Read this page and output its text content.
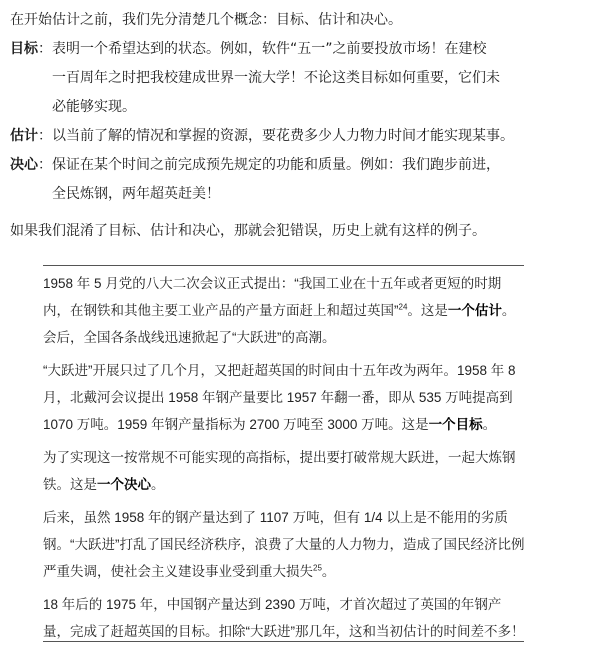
在开始估计之前，我们先分清楚几个概念：目标、估计和决心。

目标 ： 表明一个希望达到的状态。例如，软件“五一”之前要投放市场！在建校
一百周年之时把我校建成世界一流大学！不论这类目标如何重要，它们未
必能够实现。
估计 ： 以当前了解的情况和掌握的资源，要花费多少人力物力时间才能实现某事。
决心 ： 保证在某个时间之前完成预先规定的功能和质量。例如：我们跑步前进，
全民炼钢，两年超英赶美！

如果我们混淆了目标、估计和决心，那就会犯错误，历史上就有这样的例子。

1958 年 5 月党的八大二次会议正式提出：“我国工业在十五年或者更短的时期内，在钢铁和其他主要工业产品的产量方面赶上和超过英国”$^{24}$。这是一个估计。会后，全国各条战线迅速掀起了“大跃进”的高潮。

“大跃进”开展只过了几个月，又把赶超英国的时间由十五年改为两年。1958 年 8 月，北戴河会议提出 1958 年钢产量要比 1957 年翻一番，即从 535 万吨提高到 1070 万吨。1959 年钢产量指标为 2700 万吨至 3000 万吨。这是一个目标。

为了实现这一按常规不可能实现的高指标，提出要打破常规大跃进，一起大炼钢铁。这是一个决心。

后来，虽然 1958 年的钢产量达到了 1107 万吨，但有 1/4 以上是不能用的劣质钢。“大跃进”打乱了国民经济秩序，浪费了大量的人力物力，造成了国民经济比例严重失调，使社会主义建设事业受到重大损失$^{25}$。

18 年后的 1975 年，中国钢产量达到 2390 万吨，才首次超过了英国的年钢产量，完成了赶超英国的目标。扣除“大跃进”那几年，这和当初估计的时间差不多！
